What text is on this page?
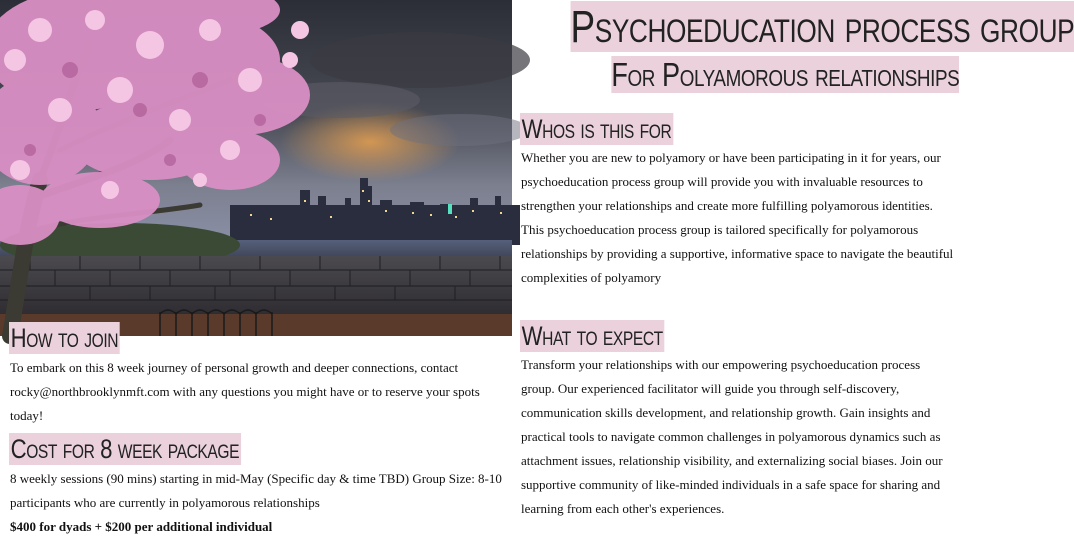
Psychoeducation process group
For Polyamorous relationships
Whos is this for

Whether you are new to polyamory or have been participating in it for years, our psychoeducation process group will provide you with invaluable resources to strengthen your relationships and create more fulfilling polyamorous identities. This psychoeducation process group is tailored specifically for polyamorous relationships by providing a supportive, informative space to navigate the beautiful complexities of polyamory

What to expect

Transform your relationships with our empowering psychoeducation process group. Our experienced facilitator will guide you through self-discovery, communication skills development, and relationship growth. Gain insights and practical tools to navigate common challenges in polyamorous dynamics such as attachment issues, relationship visibility, and externalizing social biases. Join our supportive community of like-minded individuals in a safe space for sharing and learning from each other's experiences.

How to join

To embark on this 8 week journey of personal growth and deeper connections, contact rocky@northbrooklynmft.com with any questions you might have or to reserve your spots today!

Cost for 8 week package

8 weekly sessions (90 mins) starting in mid-May (Specific day & time TBD) Group Size: 8-10 participants who are currently in polyamorous relationships

$400 for dyads + $200 per additional individual
